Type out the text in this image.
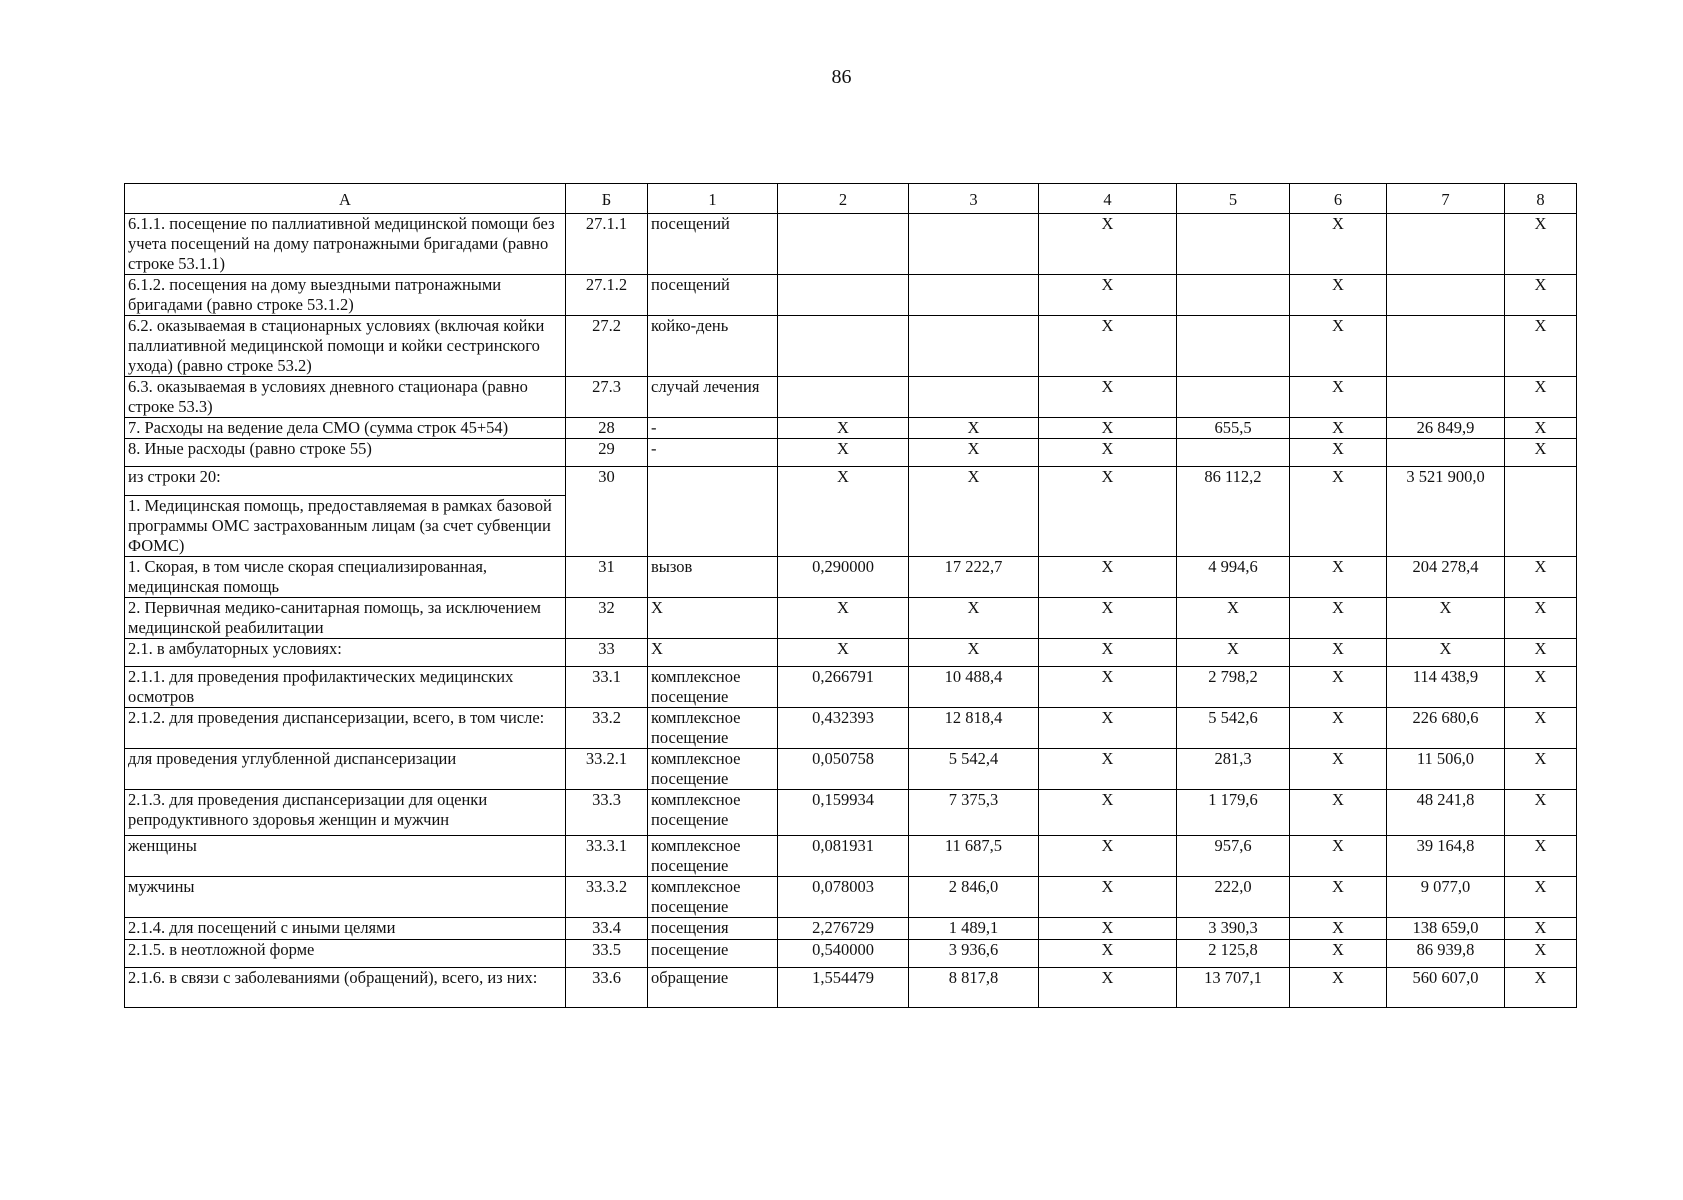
86
А	Б	1	2	3	4	5	6	7	8
6.1.1. посещение по паллиативной медицинской помощи без учета посещений на дому патронажными бригадами (равно строке 53.1.1)	27.1.1	посещений			Х		Х		Х
6.1.2. посещения на дому выездными патронажными бригадами (равно строке 53.1.2)	27.1.2	посещений			Х		Х		Х
6.2. оказываемая в стационарных условиях (включая койки паллиативной медицинской помощи и койки сестринского ухода) (равно строке 53.2)	27.2	койко-день			Х		Х		Х
6.3. оказываемая в условиях дневного стационара (равно строке 53.3)	27.3	случай лечения			Х		Х		Х
7. Расходы на ведение дела СМО (сумма строк 45+54)	28	-	Х	Х	Х	655,5	Х	26 849,9	Х
8. Иные расходы (равно строке 55)	29	-	Х	Х	Х		Х		Х
из строки 20:	30		Х	Х	Х	86 112,2	Х	3 521 900,0	
1. Медицинская помощь, предоставляемая в рамках базовой программы ОМС застрахованным лицам (за счет субвенции ФОМС)									
1. Скорая, в том числе скорая специализированная, медицинская помощь	31	вызов	0,290000	17 222,7	Х	4 994,6	Х	204 278,4	Х
2. Первичная медико-санитарная помощь, за исключением медицинской реабилитации	32	Х	Х	Х	Х	Х	Х	Х	Х
2.1. в амбулаторных условиях:	33	Х	Х	Х	Х	Х	Х	Х	Х
2.1.1. для проведения профилактических медицинских осмотров	33.1	комплексное посещение	0,266791	10 488,4	Х	2 798,2	Х	114 438,9	Х
2.1.2. для проведения диспансеризации, всего, в том числе:	33.2	комплексное посещение	0,432393	12 818,4	Х	5 542,6	Х	226 680,6	Х
для проведения углубленной диспансеризации	33.2.1	комплексное посещение	0,050758	5 542,4	Х	281,3	Х	11 506,0	Х
2.1.3. для проведения диспансеризации для оценки репродуктивного здоровья женщин и мужчин	33.3	комплексное посещение	0,159934	7 375,3	Х	1 179,6	Х	48 241,8	Х
женщины	33.3.1	комплексное посещение	0,081931	11 687,5	Х	957,6	Х	39 164,8	Х
мужчины	33.3.2	комплексное посещение	0,078003	2 846,0	Х	222,0	Х	9 077,0	Х
2.1.4. для посещений с иными целями	33.4	посещения	2,276729	1 489,1	Х	3 390,3	Х	138 659,0	Х
2.1.5. в неотложной форме	33.5	посещение	0,540000	3 936,6	Х	2 125,8	Х	86 939,8	Х
2.1.6. в связи с заболеваниями (обращений), всего, из них:	33.6	обращение	1,554479	8 817,8	Х	13 707,1	Х	560 607,0	Х
